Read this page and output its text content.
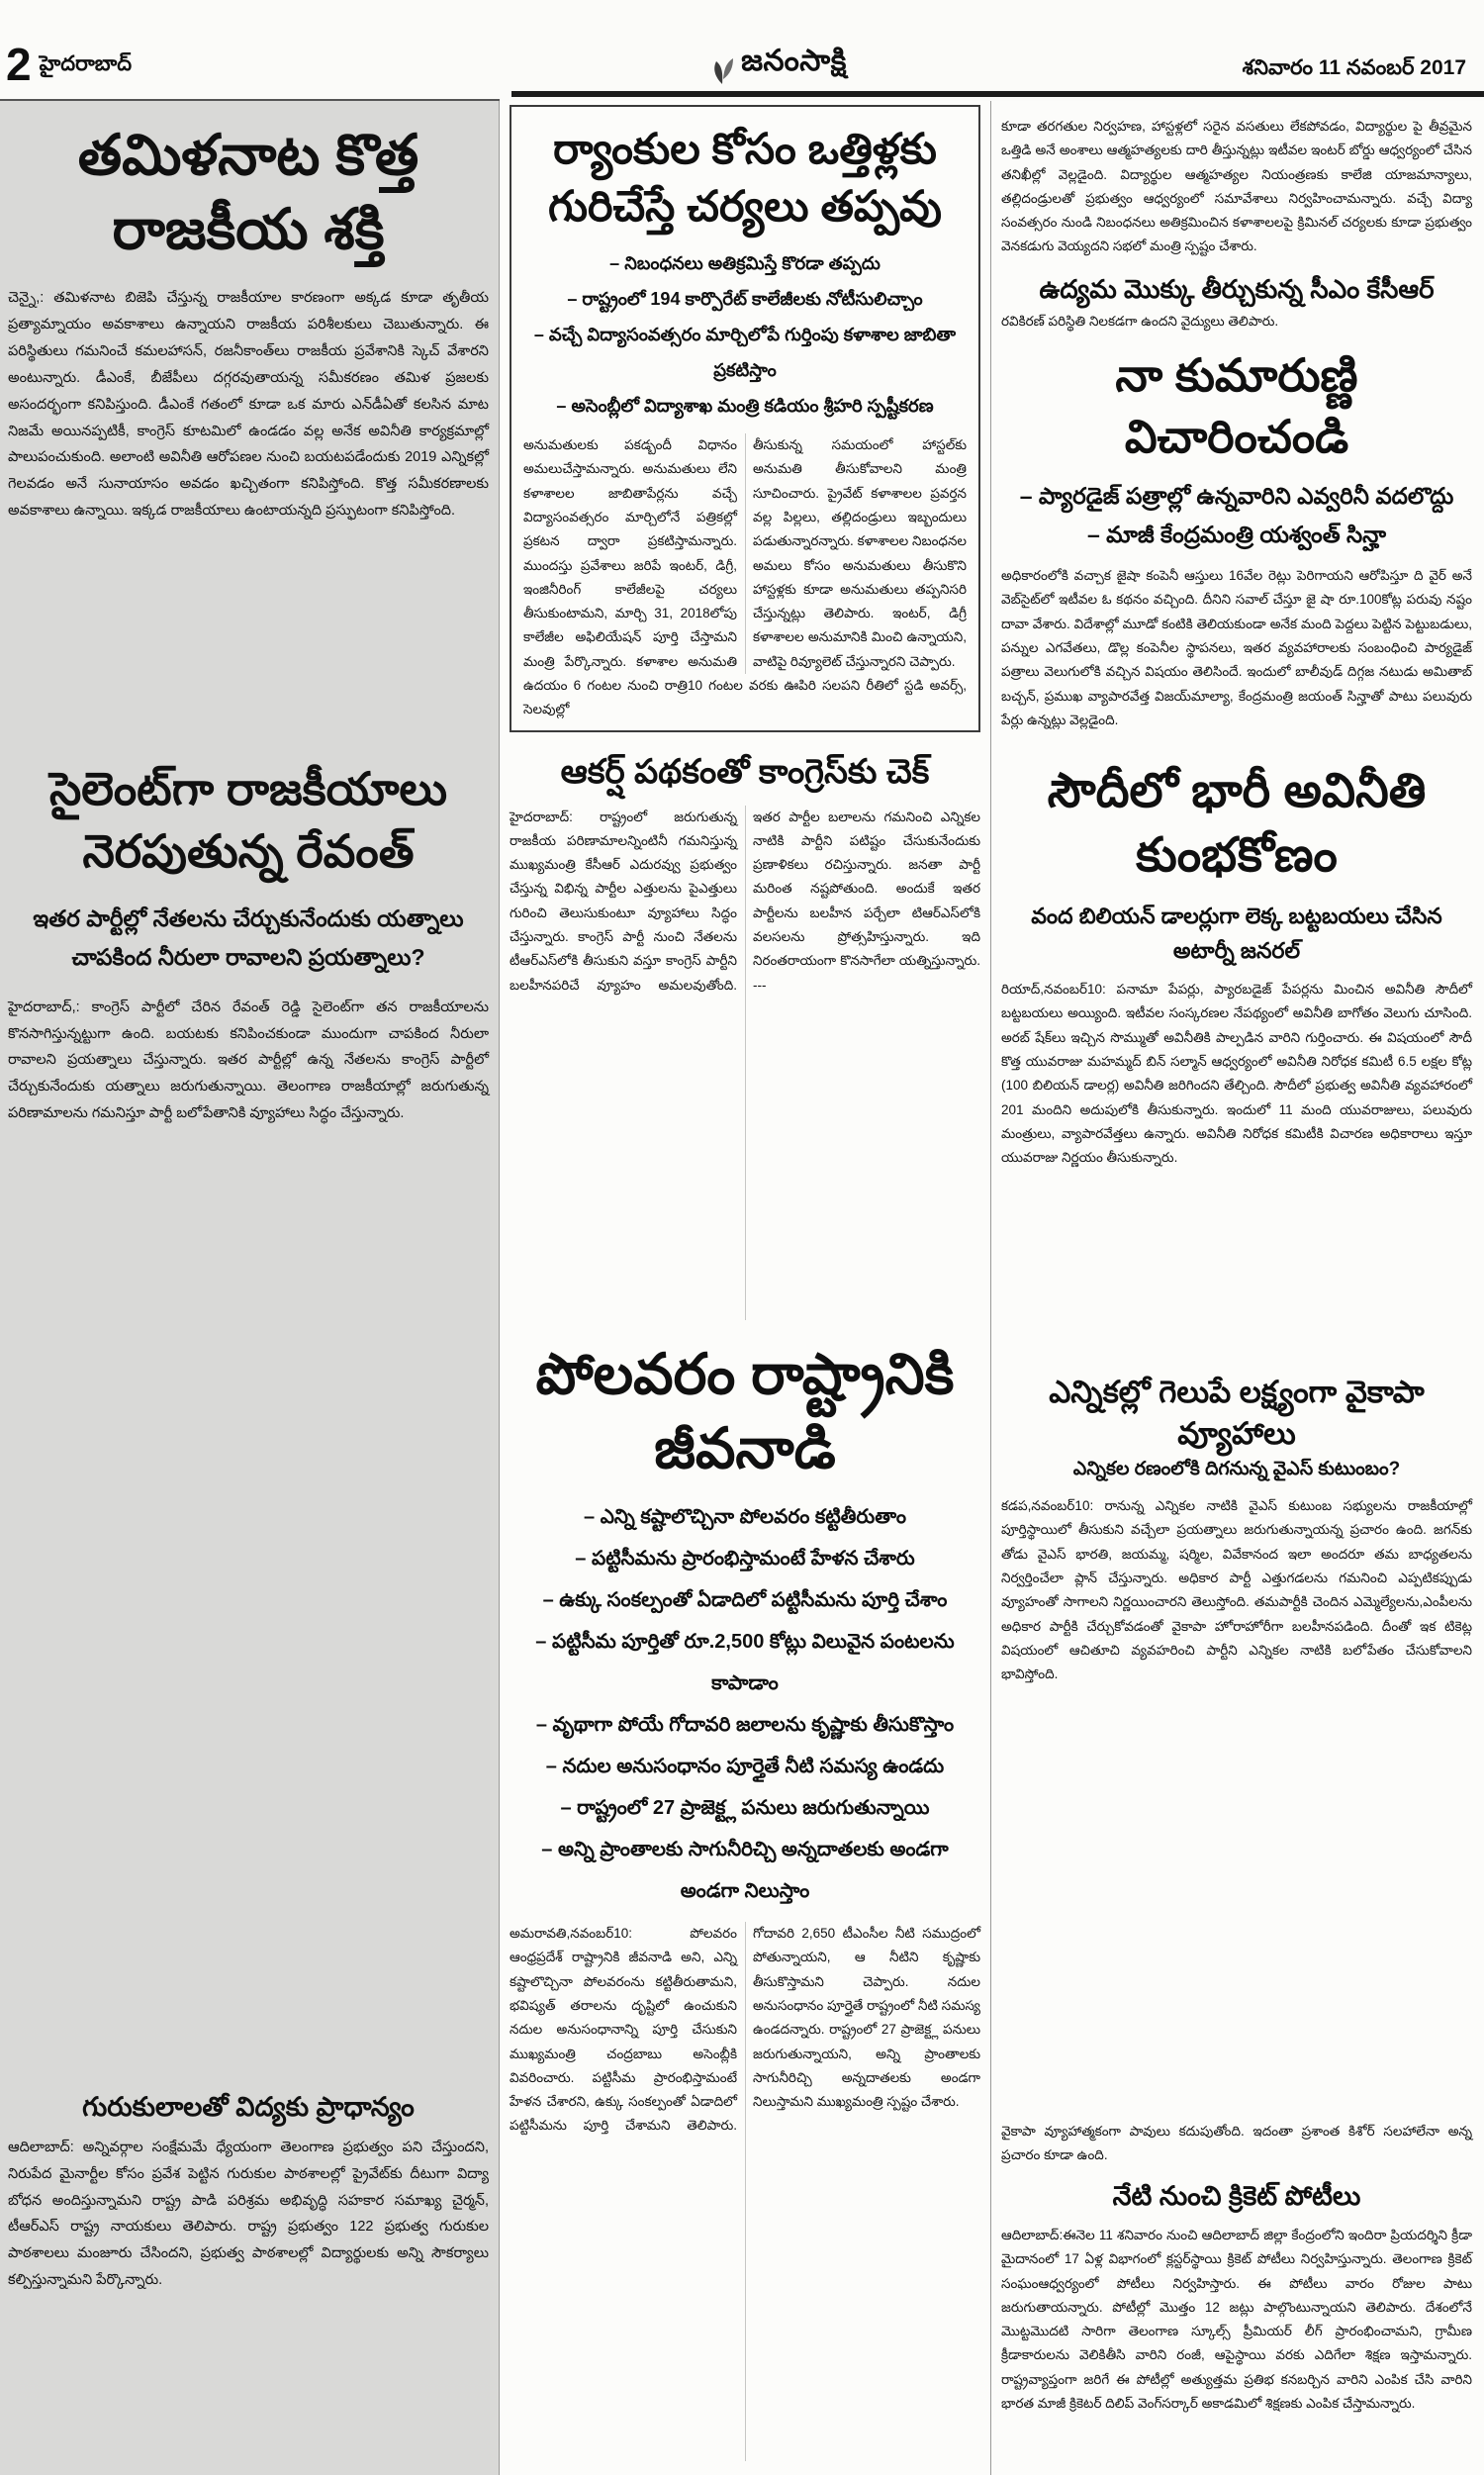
2 హైదరాబాద్	జనంసాక్షి	శనివారం 11 నవంబర్ 2017
తమిళనాట కొత్త రాజకీయ శక్తి
చెన్నై,: తమిళనాట బిజెపి చేస్తున్న రాజకీయాల కారణంగా అక్కడ కూడా తృతీయ ప్రత్యామ్నాయం అవకాశాలు ఉన్నాయని రాజకీయ పరిశీలకులు చెబుతున్నారు. ఈ పరిస్థితులు గమనించే కమలహాసన్, రజనీకాంత్‌లు రాజకీయ ప్రవేశానికి స్కెచ్ వేశారని అంటున్నారు. డీఎంకే, బీజేపీలు దగ్గరవుతాయన్న సమీకరణం తమిళ ప్రజలకు అసందర్భంగా కనిపిస్తుంది. డీఎంకే గతంలో కూడా ఒక మారు ఎన్‌డీఏతో కలసిన మాట నిజమే అయినప్పటికీ, కాంగ్రెస్ కూటమిలో ఉండడం వల్ల అనేక అవినీతి కార్యక్రమాల్లో పాలుపంచుకుంది. అలాంటి అవినీతి ఆరోపణల నుంచి బయటపడేందుకు 2019 ఎన్నికల్లో గెలవడం అనే సునాయాసం అవడం ఖచ్చితంగా కనిపిస్తోంది. కొత్త సమీకరణాలకు అవకాశాలు ఉన్నాయి. ఇక్కడ రాజకీయాలు ఉంటాయన్నది ప్రస్ఫుటంగా కనిపిస్తోంది.
సైలెంట్‌గా రాజకీయాలు నెరపుతున్న రేవంత్
ఇతర పార్టీల్లో నేతలను చేర్చుకునేందుకు యత్నాలు
చాపకింద నీరులా రావాలని ప్రయత్నాలు?
హైదరాబాద్,: కాంగ్రెస్ పార్టీలో చేరిన రేవంత్ రెడ్డి సైలెంట్‌గా తన రాజకీయాలను కొనసాగిస్తున్నట్టుగా ఉంది. బయటకు కనిపించకుండా ముందుగా చాపకింద నీరులా రావాలని ప్రయత్నాలు చేస్తున్నారు. ఇతర పార్టీల్లో ఉన్న నేతలను కాంగ్రెస్ పార్టీలో చేర్చుకునేందుకు యత్నాలు జరుగుతున్నాయి. తెలంగాణ రాజకీయాల్లో జరుగుతున్న పరిణామాలను గమనిస్తూ పార్టీ బలోపేతానికి వ్యూహాలు సిద్ధం చేస్తున్నారు.
గురుకులాలతో విద్యకు ప్రాధాన్యం
ఆదిలాబాద్: అన్నివర్గాల సంక్షేమమే ధ్యేయంగా తెలంగాణ ప్రభుత్వం పని చేస్తుందని, నిరుపేద మైనార్టీల కోసం ప్రవేశ పెట్టిన గురుకుల పాఠశాలల్లో ప్రైవేట్‌కు దీటుగా విద్యా బోధన అందిస్తున్నామని రాష్ట్ర పాడి పరిశ్రమ అభివృద్ధి సహకార సమాఖ్య చైర్మన్, టీఆర్ఎస్ రాష్ట్ర నాయకులు తెలిపారు. రాష్ట్ర ప్రభుత్వం 122 ప్రభుత్వ గురుకుల పాఠశాలలు మంజూరు చేసిందని, ప్రభుత్వ పాఠశాలల్లో విద్యార్థులకు అన్ని సౌకర్యాలు కల్పిస్తున్నామని పేర్కొన్నారు.
ర్యాంకుల కోసం ఒత్తిళ్లకు గురిచేస్తే చర్యలు తప్పవు
– నిబంధనలు అతిక్రమిస్తే కొరడా తప్పదు
– రాష్ట్రంలో 194 కార్పొరేట్ కాలేజీలకు నోటీసులిచ్చాం
– వచ్చే విద్యాసంవత్సరం మార్చిలోపే గుర్తింపు కళాశాల జాబితా ప్రకటిస్తాం
– అసెంబ్లీలో విద్యాశాఖ మంత్రి కడియం శ్రీహరి స్పష్టీకరణ
అనుమతులకు పకడ్బందీ విధానం అమలుచేస్తామన్నారు. అనుమతులు లేని కళాశాలల జాబితాపేర్లను వచ్చే విద్యాసంవత్సరం మార్చిలోనే పత్రికల్లో ప్రకటన ద్వారా ప్రకటిస్తామన్నారు. ముందస్తు ప్రవేశాలు జరిపే ఇంటర్, డిగ్రీ, ఇంజినీరింగ్ కాలేజీలపై చర్యలు తీసుకుంటామని, మార్చి 31, 2018లోపు కాలేజీల అఫిలియేషన్ పూర్తి చేస్తామని మంత్రి పేర్కొన్నారు. కళాశాల అనుమతి తీసుకున్న సమయంలో హాస్టల్‌కు అనుమతి తీసుకోవాలని మంత్రి సూచించారు. ప్రైవేట్ కళాశాలల ప్రవర్తన వల్ల పిల్లలు, తల్లిదండ్రులు ఇబ్బందులు పడుతున్నారన్నారు. కళాశాలల నిబంధనల అమలు కోసం అనుమతులు తీసుకొని హాస్టళ్లకు కూడా అనుమతులు తప్పనిసరి చేస్తున్నట్లు తెలిపారు. ఇంటర్, డిగ్రీ కళాశాలల అనుమానికి మించి ఉన్నాయని, వాటిపై రివ్యూలెట్ చేస్తున్నారని చెప్పారు.
ఉదయం 6 గంటల నుంచి రాత్రి10 గంటల వరకు ఊపిరి సలపని రీతిలో స్టడి అవర్స్, సెలవుల్లో
ఆకర్ష్ పథకంతో కాంగ్రెస్‌కు చెక్
హైదరాబాద్: రాష్ట్రంలో జరుగుతున్న రాజకీయ పరిణామాలన్నింటినీ గమనిస్తున్న ముఖ్యమంత్రి కేసీఆర్ ఎదురవ్వు ప్రభుత్వం చేస్తున్న విభిన్న పార్టీల ఎత్తులను పైఎత్తులు గురించి తెలుసుకుంటూ వ్యూహాలు సిద్ధం చేస్తున్నారు. కాంగ్రెస్ పార్టీ నుంచి నేతలను టీఆర్ఎస్‌లోకి తీసుకుని వస్తూ కాంగ్రెస్ పార్టీని బలహీనపరిచే వ్యూహం అమలవుతోంది. ఇతర పార్టీల బలాలను గమనించి ఎన్నికల నాటికి పార్టీని పటిష్టం చేసుకునేందుకు ప్రణాళికలు రచిస్తున్నారు. జనతా పార్టీ మరింత నష్టపోతుంది. అందుకే ఇతర పార్టీలను బలహీన పర్చేలా టిఆర్ఎస్‌లోకి వలసలను ప్రోత్సహిస్తున్నారు. ఇది నిరంతరాయంగా కొనసాగేలా యత్నిస్తున్నారు. ---
పోలవరం రాష్ట్రానికి జీవనాడి
– ఎన్ని కష్టాలొచ్చినా పోలవరం కట్టితీరుతాం
– పట్టిసీమను ప్రారంభిస్తామంటే హేళన చేశారు
– ఉక్కు సంకల్పంతో ఏడాదిలో పట్టిసీమను పూర్తి చేశాం
– పట్టిసీమ పూర్తితో రూ.2,500 కోట్లు విలువైన పంటలను కాపాడాం
– వృథాగా పోయే గోదావరి జలాలను కృష్ణాకు తీసుకొస్తాం
– నదుల అనుసంధానం పూర్తైతే నీటి సమస్య ఉండదు
– రాష్ట్రంలో 27 ప్రాజెక్ట్ల పనులు జరుగుతున్నాయి
– అన్ని ప్రాంతాలకు సాగునీరిచ్చి అన్నదాతలకు అండగా అండగా నిలుస్తాం
అమరావతి,నవంబర్10: పోలవరం ఆంధ్రప్రదేశ్ రాష్ట్రానికి జీవనాడి అని, ఎన్ని కష్టాలొచ్చినా పోలవరంను కట్టితీరుతామని, భవిష్యత్ తరాలను దృష్టిలో ఉంచుకుని నదుల అనుసంధానాన్ని పూర్తి చేసుకుని ముఖ్యమంత్రి చంద్రబాబు అసెంబ్లీకి వివరించారు. పట్టిసీమ ప్రారంభిస్తామంటే హేళన చేశారని, ఉక్కు సంకల్పంతో ఏడాదిలో పట్టిసీమను పూర్తి చేశామని తెలిపారు. గోదావరి 2,650 టీఎంసీల నీటి సముద్రంలో పోతున్నాయని, ఆ నీటిని కృష్ణాకు తీసుకొస్తామని చెప్పారు. నదుల అనుసంధానం పూర్తైతే రాష్ట్రంలో నీటి సమస్య ఉండదన్నారు. రాష్ట్రంలో 27 ప్రాజెక్ట్ల పనులు జరుగుతున్నాయని, అన్ని ప్రాంతాలకు సాగునీరిచ్చి అన్నదాతలకు అండగా నిలుస్తామని ముఖ్యమంత్రి స్పష్టం చేశారు.
కూడా తరగతుల నిర్వహణ, హాస్టళ్లలో సరైన వసతులు లేకపోవడం, విద్యార్థుల పై తీవ్రమైన ఒత్తిడి అనే అంశాలు ఆత్మహత్యలకు దారి తీస్తున్నట్లు ఇటీవల ఇంటర్ బోర్డు ఆధ్వర్యంలో చేసిన తనిఖీల్లో వెల్లడైంది. విద్యార్థుల ఆత్మహత్యల నియంత్రణకు కాలేజి యాజమాన్యాలు, తల్లిదండ్రులతో ప్రభుత్వం ఆధ్వర్యంలో సమావేశాలు నిర్వహించామన్నారు. వచ్చే విద్యా సంవత్సరం నుండి నిబంధనలు అతిక్రమించిన కళాశాలలపై క్రిమినల్ చర్యలకు కూడా ప్రభుత్వం వెనకడుగు వెయ్యదని సభలో మంత్రి స్పష్టం చేశారు.
ఉద్యమ మొక్కు తీర్చుకున్న సీఎం కేసీఆర్
రవికిరణ్ పరిస్థితి నిలకడగా ఉందని వైద్యులు తెలిపారు.
నా కుమారుణ్ణి విచారించండి
– ప్యారడైజ్ పత్రాల్లో ఉన్నవారిని ఎవ్వరినీ వదలొద్దు
– మాజీ కేంద్రమంత్రి యశ్వంత్ సిన్హా
అధికారంలోకి వచ్చాక జైషా కంపెనీ ఆస్తులు 16వేల రెట్లు పెరిగాయని ఆరోపిస్తూ ది వైర్ అనే వెబ్‌సైట్‌లో ఇటీవల ఓ కథనం వచ్చింది. దీనిని సవాల్ చేస్తూ జై షా రూ.100కోట్ల పరువు నష్టం దావా వేశారు. విదేశాల్లో మూడో కంటికి తెలియకుండా అనేక మంది పెద్దలు పెట్టిన పెట్టుబడులు, పన్నుల ఎగవేతలు, డొల్ల కంపెనీల స్థాపనలు, ఇతర వ్యవహారాలకు సంబంధించి పార్యడైజ్ పత్రాలు వెలుగులోకి వచ్చిన విషయం తెలిసిందే. ఇందులో బాలీవుడ్ దిగ్గజ నటుడు అమితాబ్ బచ్చన్, ప్రముఖ వ్యాపారవేత్త విజయ్‌మాల్యా, కేంద్రమంత్రి జయంత్ సిన్హాతో పాటు పలువురు పేర్లు ఉన్నట్లు వెల్లడైంది.
సౌదీలో భారీ అవినీతి కుంభకోణం
వంద బిలియన్ డాలర్లుగా లెక్క బట్టబయలు చేసిన అటార్నీ జనరల్
రియాద్,నవంబర్10: పనామా పేపర్లు, ప్యారబడైజ్ పేపర్లను మించిన అవినీతి సౌదీలో బట్టబయలు అయ్యింది. ఇటీవల సంస్కరణల నేపథ్యంలో అవినీతి బాగోతం వెలుగు చూసింది. అరబ్ షేక్‌లు ఇచ్చిన సొమ్ముతో అవినీతికి పాల్పడిన వారిని గుర్తించారు. ఈ విషయంలో సౌదీ కొత్త యువరాజు మహమ్మద్ బిన్ సల్మాన్ ఆధ్వర్యంలో అవినీతి నిరోధక కమిటీ 6.5 లక్షల కోట్ల (100 బిలియన్ డాలర్ల) అవినీతి జరిగిందని తేల్చింది. సౌదీలో ప్రభుత్వ అవినీతి వ్యవహారంలో 201 మందిని అదుపులోకి తీసుకున్నారు. ఇందులో 11 మంది యువరాజులు, పలువురు మంత్రులు, వ్యాపారవేత్తలు ఉన్నారు. అవినీతి నిరోధక కమిటీకి విచారణ అధికారాలు ఇస్తూ యువరాజు నిర్ణయం తీసుకున్నారు.
ఎన్నికల్లో గెలుపే లక్ష్యంగా వైకాపా వ్యూహాలు
ఎన్నికల రణంలోకి దిగనున్న వైఎస్ కుటుంబం?
కడప,నవంబర్10: రానున్న ఎన్నికల నాటికి వైఎస్ కుటుంబ సభ్యులను రాజకీయాల్లో పూర్తిస్థాయిలో తీసుకుని వచ్చేలా ప్రయత్నాలు జరుగుతున్నాయన్న ప్రచారం ఉంది. జగన్‌కు తోడు వైఎస్ భారతి, జయమ్మ, షర్మిల, వివేకానంద ఇలా అందరూ తమ బాధ్యతలను నిర్వర్తించేలా ప్లాన్ చేస్తున్నారు. అధికార పార్టీ ఎత్తుగడలను గమనించి ఎప్పటికప్పుడు వ్యూహంతో సాగాలని నిర్ణయించారని తెలుస్తోంది. తమపార్టీకి చెందిన ఎమ్మెల్యేలను,ఎంపీలను అధికార పార్టీకి చేర్చుకోవడంతో వైకాపా హోరాహోరీగా బలహీనపడింది. దీంతో ఇక టికెట్ల విషయంలో ఆచితూచి వ్యవహరించి పార్టీని ఎన్నికల నాటికి బలోపేతం చేసుకోవాలని భావిస్తోంది.
వైకాపా వ్యూహాత్మకంగా పావులు కదుపుతోంది. ఇదంతా ప్రశాంత కిశోర్ సలహాలేనా అన్న ప్రచారం కూడా ఉంది.
నేటి నుంచి క్రికెట్ పోటీలు
ఆదిలాబాద్:ఈనెల 11 శనివారం నుంచి ఆదిలాబాద్ జిల్లా కేంద్రంలోని ఇందిరా ప్రియదర్శిని క్రీడా మైదానంలో 17 ఏళ్ల విభాగంలో క్లస్టర్‌స్థాయి క్రికెట్ పోటీలు నిర్వహిస్తున్నారు. తెలంగాణ క్రికెట్ సంఘంఆధ్వర్యంలో పోటీలు నిర్వహిస్తారు. ఈ పోటీలు వారం రోజుల పాటు జరుగుతాయన్నారు. పోటీల్లో మొత్తం 12 జట్లు పాల్గొంటున్నాయని తెలిపారు. దేశంలోనే మొట్టమొదటి సారిగా తెలంగాణ స్కూల్స్ ప్రీమియర్ లీగ్ ప్రారంభించామని, గ్రామీణ క్రీడాకారులను వెలికితీసి వారిని రంజీ, ఆపైస్థాయి వరకు ఎదిగేలా శిక్షణ ఇస్తామన్నారు. రాష్ట్రవ్యాప్తంగా జరిగే ఈ పోటీల్లో అత్యుత్తమ ప్రతిభ కనబర్చిన వారిని ఎంపిక చేసి వారిని భారత మాజీ క్రికెటర్ దిలిప్ వెంగ్‌సర్కార్ అకాడమిలో శిక్షణకు ఎంపిక చేస్తామన్నారు.
